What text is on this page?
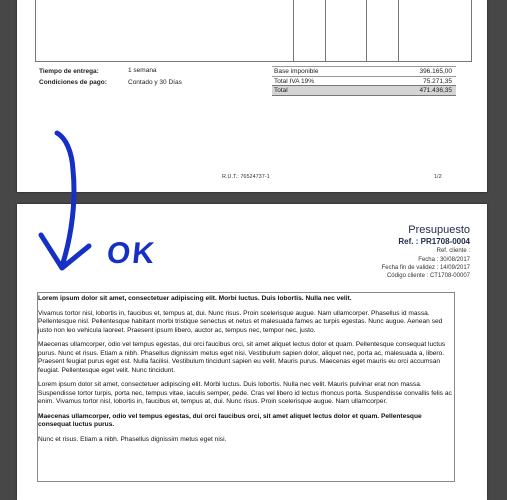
Tiempo de entrega:	1 semana
Condiciones de pago:	Contado y 30 Días
Base imponible	396.165,00
Total IVA 19%	75.271,35
Total	471.436,35
R.U.T.: 76524737-1	1/2
Presupuesto
Ref. : PR1708-0004
Ref. cliente :
Fecha : 30/08/2017
Fecha fin de validez : 14/09/2017
Código cliente : CT1708-00007

Lorem ipsum dolor sit amet, consectetuer adipiscing elit. Morbi luctus. Duis lobortis. Nulla nec velit.

Vivamus tortor nisl, lobortis in, faucibus et, tempus at, dui. Nunc risus. Proin scelerisque augue. Nam ullamcorper. Phasellus id massa. Pellentesque nisl. Pellentesque habitant morbi tristique senectus et netus et malesuada fames ac turpis egestas. Nunc augue. Aenean sed justo non leo vehicula laoreet. Praesent ipsum libero, auctor ac, tempus nec, tempor nec, justo.

Maecenas ullamcorper, odio vel tempus egestas, dui orci faucibus orci, sit amet aliquet lectus dolor et quam. Pellentesque consequat luctus purus. Nunc et risus. Etiam a nibh. Phasellus dignissim metus eget nisi. Vestibulum sapien dolor, aliquet nec, porta ac, malesuada a, libero. Praesent feugiat purus eget est. Nulla facilisi. Vestibulum tincidunt sapien eu velit. Mauris purus. Maecenas eget mauris eu orci accumsan feugiat. Pellentesque eget velit. Nunc tincidunt.

Lorem ipsum dolor sit amet, consectetuer adipiscing elit. Morbi luctus. Duis lobortis. Nulla nec velit. Mauris pulvinar erat non massa. Suspendisse tortor turpis, porta nec, tempus vitae, iaculis semper, pede. Cras vel libero id lectus rhoncus porta. Suspendisse convallis felis ac enim. Vivamus tortor nisl, lobortis in, faucibus et, tempus at, dui. Nunc risus. Proin scelerisque augue. Nam ullamcorper.

Maecenas ullamcorper, odio vel tempus egestas, dui orci faucibus orci, sit amet aliquet lectus dolor et quam. Pellentesque consequat luctus purus.

Nunc et risus. Etiam a nibh. Phasellus dignissim metus eget nisi.

OK
